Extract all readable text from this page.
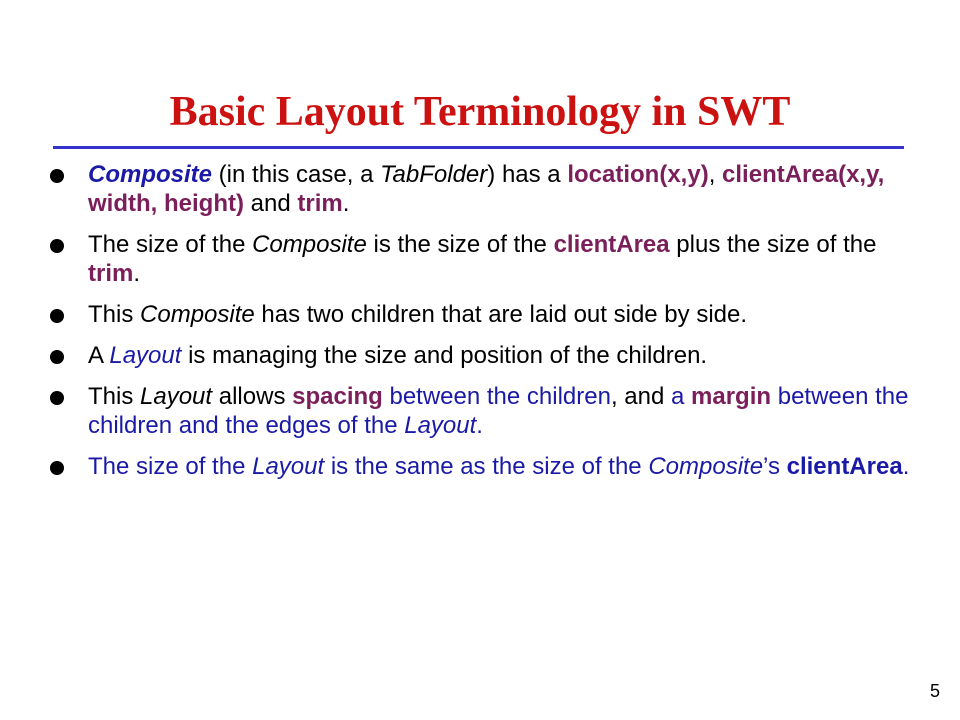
Basic Layout Terminology in SWT
Composite (in this case, a TabFolder) has a location(x,y), clientArea(x,y, width, height) and trim.
The size of the Composite is the size of the clientArea plus the size of the trim.
This Composite has two children that are laid out side by side.
A Layout is managing the size and position of the children.
This Layout allows spacing between the children, and a margin between the children and the edges of the Layout.
The size of the Layout is the same as the size of the Composite’s clientArea.
5
